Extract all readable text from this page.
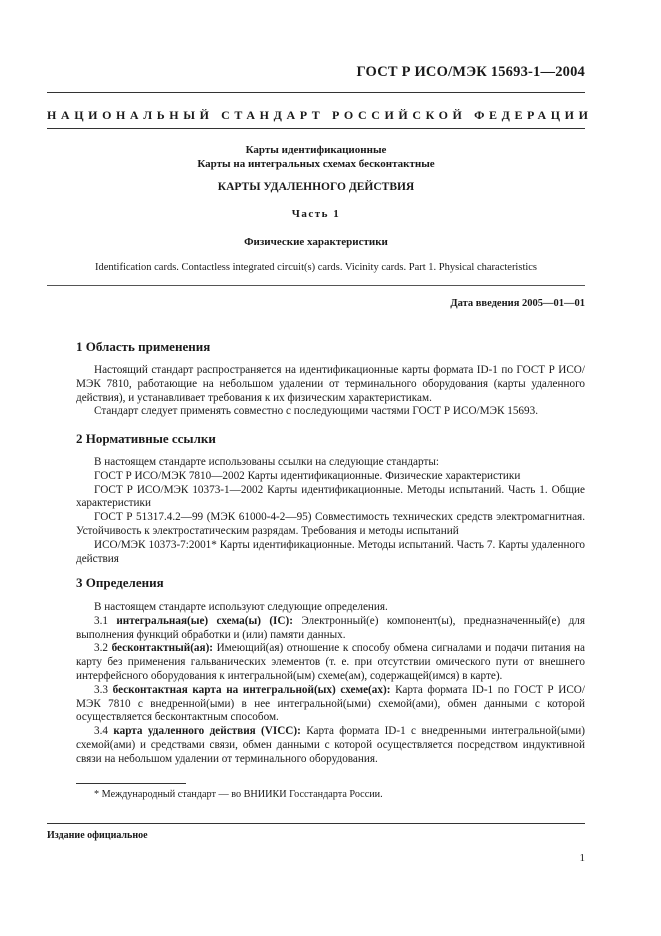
ГОСТ Р ИСО/МЭК 15693-1—2004
НАЦИОНАЛЬНЫЙ СТАНДАРТ РОССИЙСКОЙ ФЕДЕРАЦИИ
Карты идентификационные
Карты на интегральных схемах бесконтактные
КАРТЫ УДАЛЕННОГО ДЕЙСТВИЯ
Часть 1
Физические характеристики
Identification cards. Contactless integrated circuit(s) cards. Vicinity cards. Part 1. Physical characteristics
Дата введения 2005—01—01
1 Область применения

Настоящий стандарт распространяется на идентификационные карты формата ID-1 по ГОСТ Р ИСО/МЭК 7810, работающие на небольшом удалении от терминального оборудования (карты удаленного действия), и устанавливает требования к их физическим характеристикам.

Стандарт следует применять совместно с последующими частями ГОСТ Р ИСО/МЭК 15693.

2 Нормативные ссылки

В настоящем стандарте использованы ссылки на следующие стандарты:

ГОСТ Р ИСО/МЭК 7810—2002 Карты идентификационные. Физические характеристики

ГОСТ Р ИСО/МЭК 10373-1—2002 Карты идентификационные. Методы испытаний. Часть 1. Общие характеристики

ГОСТ Р 51317.4.2—99 (МЭК 61000-4-2—95) Совместимость технических средств электромагнитная. Устойчивость к электростатическим разрядам. Требования и методы испытаний

ИСО/МЭК 10373-7:2001* Карты идентификационные. Методы испытаний. Часть 7. Карты удаленного действия

3 Определения

В настоящем стандарте используют следующие определения.

3.1 интегральная(ые) схема(ы) (IC): Электронный(е) компонент(ы), предназначенный(е) для выполнения функций обработки и (или) памяти данных.

3.2 бесконтактный(ая): Имеющий(ая) отношение к способу обмена сигналами и подачи питания на карту без применения гальванических элементов (т. е. при отсутствии омического пути от внешнего интерфейсного оборудования к интегральной(ым) схеме(ам), содержащей(имся) в карте).

3.3 бесконтактная карта на интегральной(ых) схеме(ах): Карта формата ID-1 по ГОСТ Р ИСО/МЭК 7810 с внедренной(ыми) в нее интегральной(ыми) схемой(ами), обмен данными с которой осуществляется бесконтактным способом.

3.4 карта удаленного действия (VICC): Карта формата ID-1 с внедренными интегральной(ыми) схемой(ами) и средствами связи, обмен данными с которой осуществляется посредством индуктивной связи на небольшом удалении от терминального оборудования.

* Международный стандарт — во ВНИИКИ Госстандарта России.
Издание официальное
1
